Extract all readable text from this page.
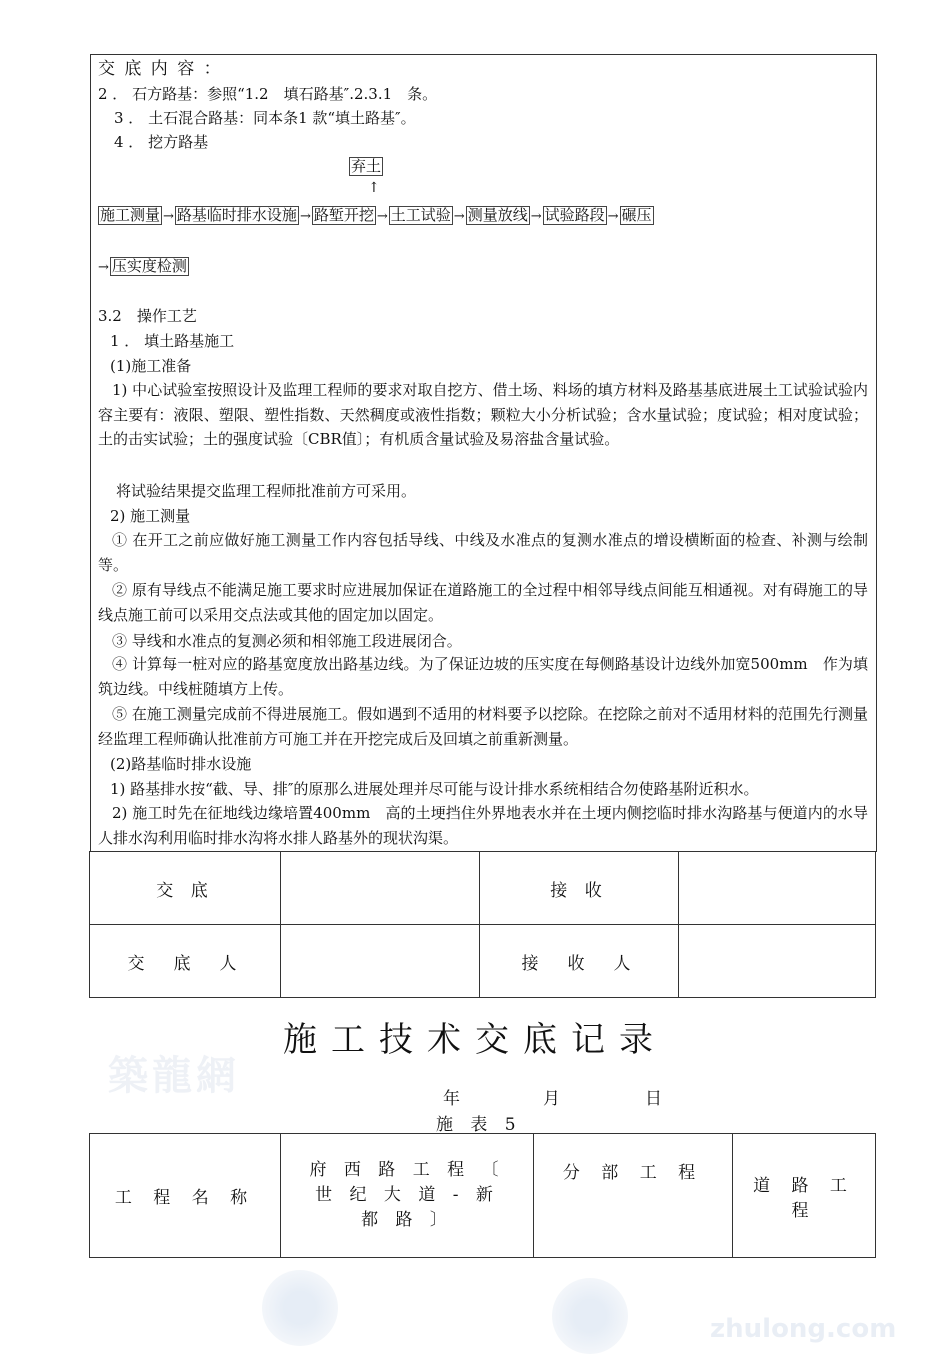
築龍網
zhulong.com
交 底 内 容 ：
2 ． 石方路基：参照“1.2　填石路基″.2.3.1　条。
3 ． 土石混合路基：同本条1 款“填土路基″。
4 ． 挖方路基
弃土
↑
施工测量 → 路基临时排水设施 → 路堑开挖 → 土工试验 → 测量放线 → 试验路段 → 碾压
→ 压实度检测
3.2　操作工艺
1 ． 填土路基施工
(1)施工准备
1) 中心试验室按照设计及监理工程师的要求对取自挖方、借土场、料场的填方材料及路基基底进展土工试验试验内容主要有：液限、塑限、塑性指数、天然稠度或液性指数；颗粒大小分析试验；含水量试验；度试验；相对度试验；土的击实试验；土的强度试验〔CBR值〕；有机质含量试验及易溶盐含量试验。
将试验结果提交监理工程师批准前方可采用。
2) 施工测量
① 在开工之前应做好施工测量工作内容包括导线、中线及水准点的复测水准点的增设横断面的检查、补测与绘制等。
② 原有导线点不能满足施工要求时应进展加保证在道路施工的全过程中相邻导线点间能互相通视。对有碍施工的导线点施工前可以采用交点法或其他的固定加以固定。
③ 导线和水准点的复测必须和相邻施工段进展闭合。
④ 计算每一桩对应的路基宽度放出路基边线。为了保证边坡的压实度在每侧路基设计边线外加宽500mm　作为填筑边线。中线桩随填方上传。
⑤ 在施工测量完成前不得进展施工。假如遇到不适用的材料要予以挖除。在挖除之前对不适用材料的范围先行测量经监理工程师确认批准前方可施工并在开挖完成后及回填之前重新测量。
(2)路基临时排水设施
1) 路基排水按“截、导、排″的原那么进展处理并尽可能与设计排水系统相结合勿使路基附近积水。
2) 施工时先在征地线边缘培置400mm　高的土埂挡住外界地表水并在土埂内侧挖临时排水沟路基与便道内的水导人排水沟利用临时排水沟将水排人路基外的现状沟渠。
交 底		接 收	
交　底　人		接　收　人	
施工技术交底记录
年	月	日
施 表 5
工 程 名 称	府 西 路 工 程 〔 世 纪 大 道 - 新 都 路 〕	分 部 工 程	道 路 工 程
